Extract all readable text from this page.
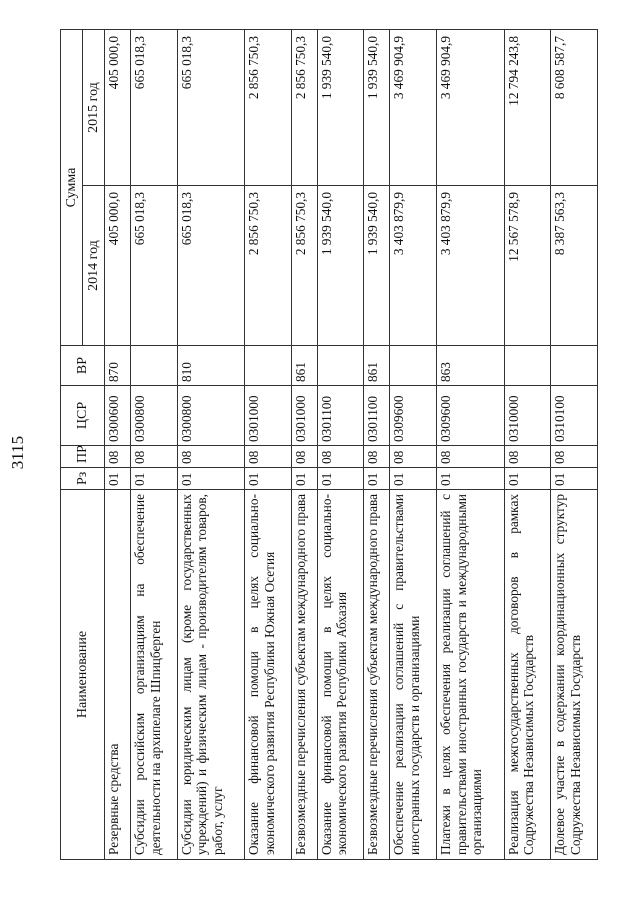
3115
Наименование	Рз	ПР	ЦСР	ВР	Сумма	
					2014 год	2015 год
Резервные средства	01	08	0300600	870	405 000,0	405 000,0
Субсидии российским организациям на обеспечение деятельности на архипелаге Шпицберген	01	08	0300800		665 018,3	665 018,3
Субсидии юридическим лицам (кроме государственных учреждений) и физическим лицам - производителям товаров, работ, услуг	01	08	0300800	810	665 018,3	665 018,3
Оказание финансовой помощи в целях социально-экономического развития Республики Южная Осетия	01	08	0301000		2 856 750,3	2 856 750,3
Безвозмездные перечисления субъектам международного права	01	08	0301000	861	2 856 750,3	2 856 750,3
Оказание финансовой помощи в целях социально-экономического развития Республики Абхазия	01	08	0301100		1 939 540,0	1 939 540,0
Безвозмездные перечисления субъектам международного права	01	08	0301100	861	1 939 540,0	1 939 540,0
Обеспечение реализации соглашений с правительствами иностранных государств и организациями	01	08	0309600		3 403 879,9	3 469 904,9
Платежи в целях обеспечения реализации соглашений с правительствами иностранных государств и международными организациями	01	08	0309600	863	3 403 879,9	3 469 904,9
Реализация межгосударственных договоров в рамках Содружества Независимых Государств	01	08	0310000		12 567 578,9	12 794 243,8
Долевое участие в содержании координационных структур Содружества Независимых Государств	01	08	0310100		8 387 563,3	8 608 587,7
